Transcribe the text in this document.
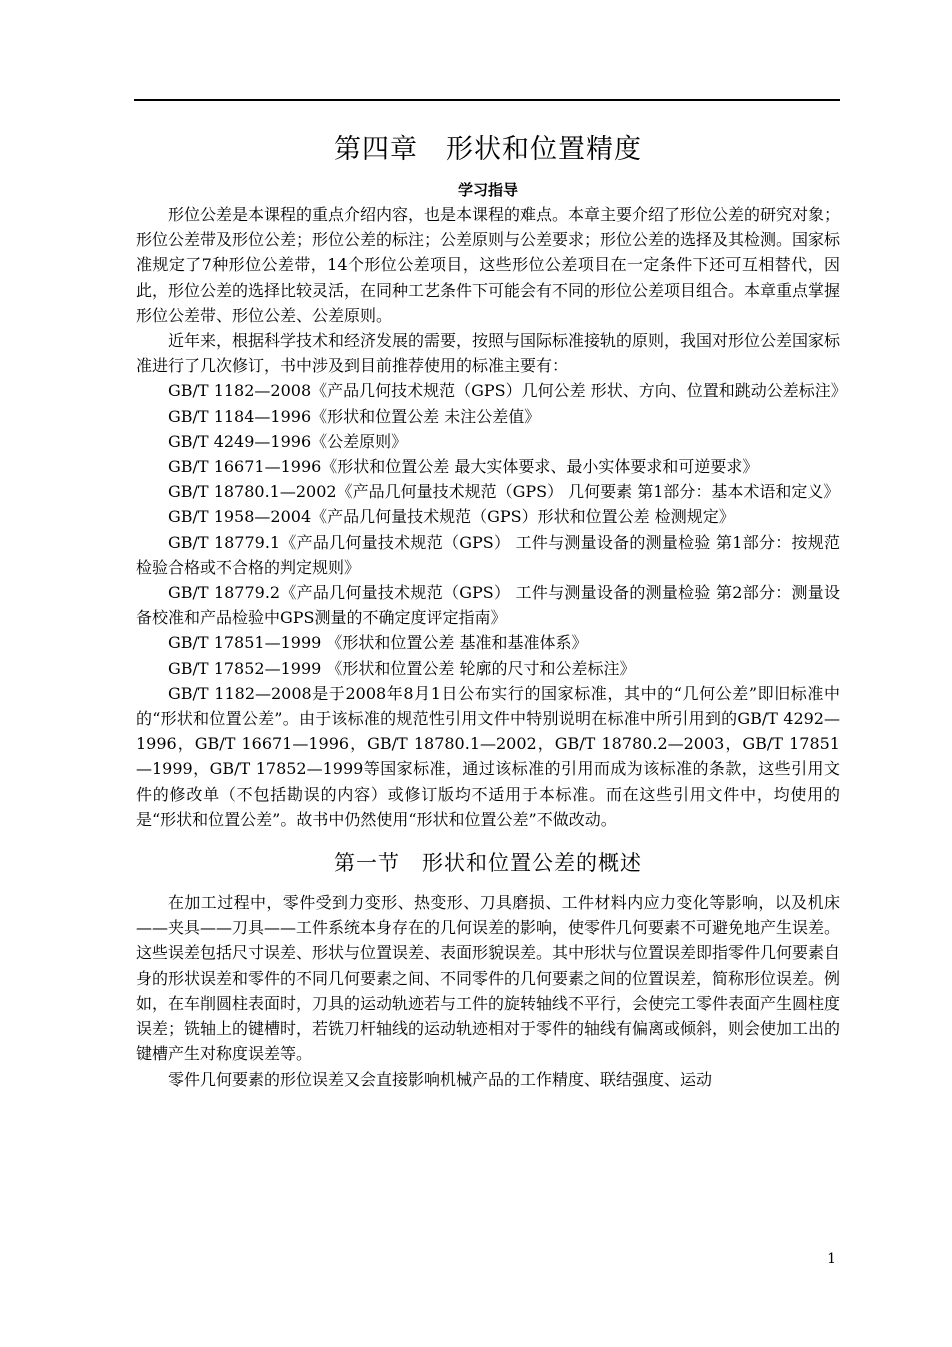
第四章　形状和位置精度
学习指导

形位公差是本课程的重点介绍内容，也是本课程的难点。本章主要介绍了形位公差的研究对象；形位公差带及形位公差；形位公差的标注；公差原则与公差要求；形位公差的选择及其检测。国家标准规定了7种形位公差带，14个形位公差项目，这些形位公差项目在一定条件下还可互相替代，因此，形位公差的选择比较灵活，在同种工艺条件下可能会有不同的形位公差项目组合。本章重点掌握形位公差带、形位公差、公差原则。

近年来，根据科学技术和经济发展的需要，按照与国际标准接轨的原则，我国对形位公差国家标准进行了几次修订，书中涉及到目前推荐使用的标准主要有：

GB/T 1182—2008《产品几何技术规范（GPS）几何公差 形状、方向、位置和跳动公差标注》

GB/T 1184—1996《形状和位置公差 未注公差值》

GB/T 4249—1996《公差原则》

GB/T 16671—1996《形状和位置公差 最大实体要求、最小实体要求和可逆要求》

GB/T 18780.1—2002《产品几何量技术规范（GPS） 几何要素 第1部分：基本术语和定义》

GB/T 1958—2004《产品几何量技术规范（GPS）形状和位置公差 检测规定》

GB/T 18779.1《产品几何量技术规范（GPS） 工件与测量设备的测量检验 第1部分：按规范检验合格或不合格的判定规则》

GB/T 18779.2《产品几何量技术规范（GPS） 工件与测量设备的测量检验 第2部分：测量设备校准和产品检验中GPS测量的不确定度评定指南》

GB/T 17851—1999 《形状和位置公差 基准和基准体系》

GB/T 17852—1999 《形状和位置公差 轮廓的尺寸和公差标注》

GB/T 1182—2008是于2008年8月1日公布实行的国家标准，其中的“几何公差”即旧标准中的“形状和位置公差”。由于该标准的规范性引用文件中特别说明在标准中所引用到的GB/T 4292—1996，GB/T 16671—1996，GB/T 18780.1—2002，GB/T 18780.2—2003，GB/T 17851—1999，GB/T 17852—1999等国家标准，通过该标准的引用而成为该标准的条款，这些引用文件的修改单（不包括勘误的内容）或修订版均不适用于本标准。而在这些引用文件中，均使用的是“形状和位置公差”。故书中仍然使用“形状和位置公差”不做改动。

第一节　形状和位置公差的概述

在加工过程中，零件受到力变形、热变形、刀具磨损、工件材料内应力变化等影响，以及机床——夹具——刀具——工件系统本身存在的几何误差的影响，使零件几何要素不可避免地产生误差。这些误差包括尺寸误差、形状与位置误差、表面形貌误差。其中形状与位置误差即指零件几何要素自身的形状误差和零件的不同几何要素之间、不同零件的几何要素之间的位置误差，简称形位误差。例如，在车削圆柱表面时，刀具的运动轨迹若与工件的旋转轴线不平行，会使完工零件表面产生圆柱度误差；铣轴上的键槽时，若铣刀杆轴线的运动轨迹相对于零件的轴线有偏离或倾斜，则会使加工出的键槽产生对称度误差等。

零件几何要素的形位误差又会直接影响机械产品的工作精度、联结强度、运动

1
